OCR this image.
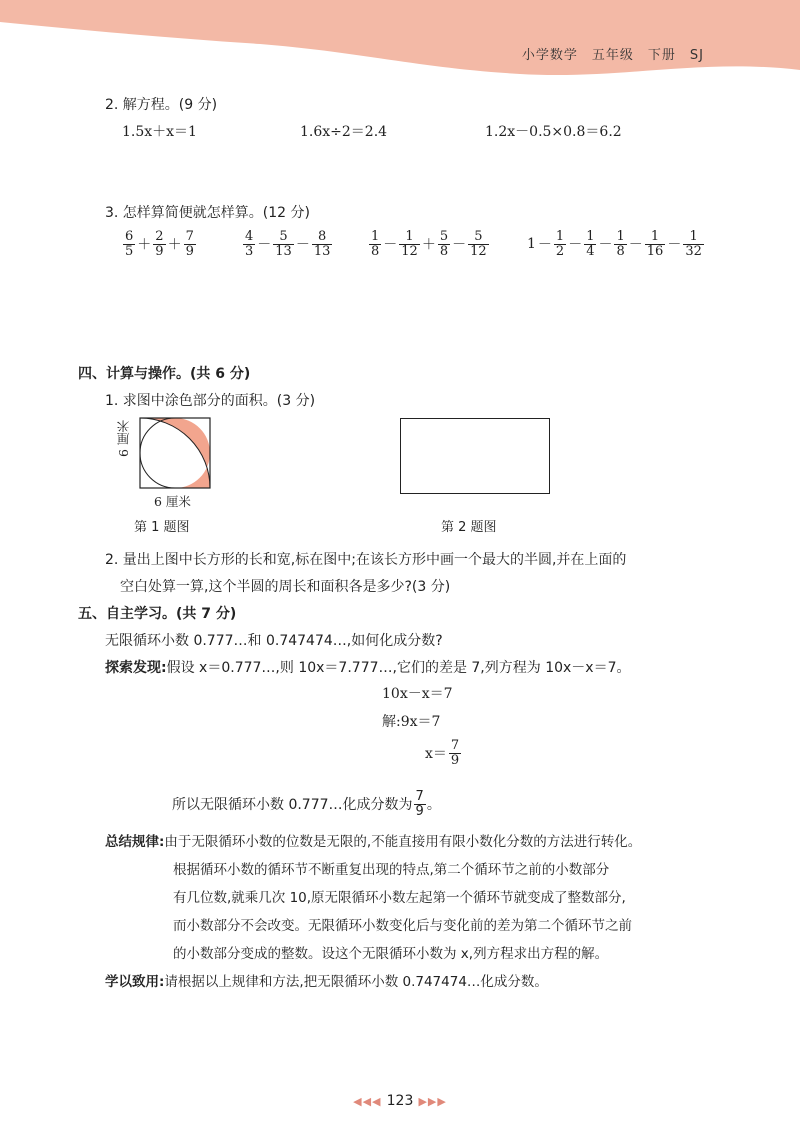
小学数学　五年级　下册　SJ
2. 解方程。(9 分)
1.5x＋x＝1	1.6x÷2＝2.4	1.2x－0.5×0.8＝6.2
3. 怎样算简便就怎样算。(12 分)
$\frac{6}{5} + \frac{2}{9} + \frac{7}{9}$	$\frac{4}{3} - \frac{5}{13} - \frac{8}{13}$	$\frac{1}{8} - \frac{1}{12} + \frac{5}{8} - \frac{5}{12}$	$1 - \frac{1}{2} - \frac{1}{4} - \frac{1}{8} - \frac{1}{16} - \frac{1}{32}$
四、计算与操作。(共 6 分)
1. 求图中涂色部分的面积。(3 分)
6 厘米
6 厘米
第 1 题图	第 2 题图
2. 量出上图中长方形的长和宽,标在图中;在该长方形中画一个最大的半圆,并在上面的
空白处算一算,这个半圆的周长和面积各是多少?(3 分)
五、自主学习。(共 7 分)
无限循环小数 0.777…和 0.747474…,如何化成分数?
探索发现:假设 x＝0.777…,则 10x＝7.777…,它们的差是 7,列方程为 10x－x＝7。
10x－x＝7
解:9x＝7
$x= \frac{7}{9}$
所以无限循环小数 0.777…化成分数为 $\frac{7}{9}$ 。
总结规律:由于无限循环小数的位数是无限的,不能直接用有限小数化分数的方法进行转化。
根据循环小数的循环节不断重复出现的特点,第二个循环节之前的小数部分
有几位数,就乘几次 10,原无限循环小数左起第一个循环节就变成了整数部分,
而小数部分不会改变。无限循环小数变化后与变化前的差为第二个循环节之前
的小数部分变成的整数。设这个无限循环小数为 x,列方程求出方程的解。
学以致用:请根据以上规律和方法,把无限循环小数 0.747474…化成分数。
◀◀◀ 123 ▶▶▶
